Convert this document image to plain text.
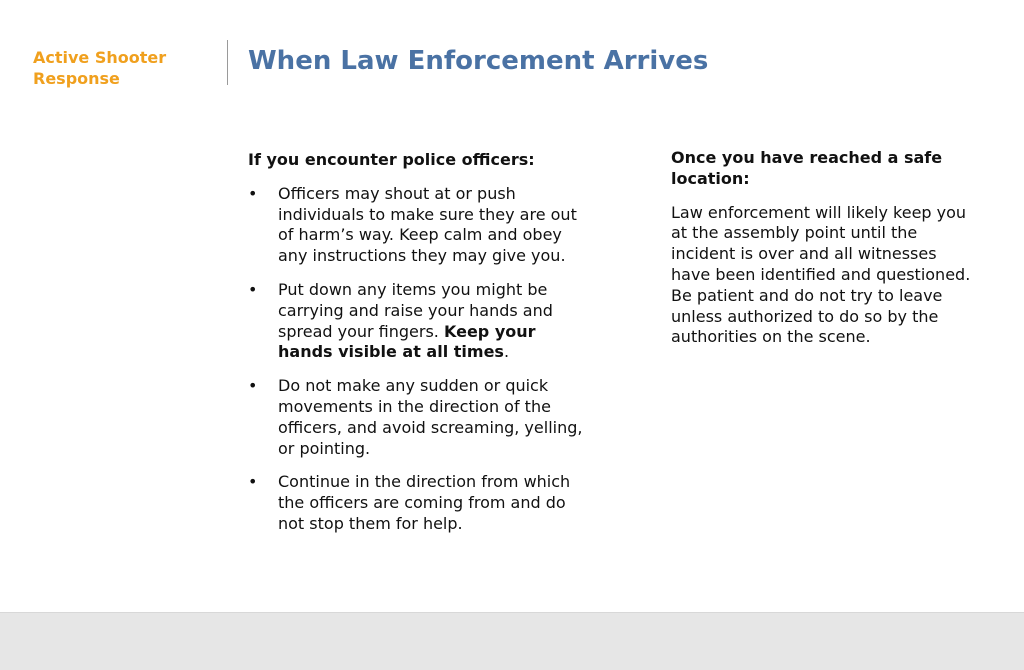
Active Shooter Response
When Law Enforcement Arrives

If you encounter police officers:

• Officers may shout at or push individuals to make sure they are out of harm’s way. Keep calm and obey any instructions they may give you.
• Put down any items you might be carrying and raise your hands and spread your fingers. Keep your hands visible at all times.
• Do not make any sudden or quick movements in the direction of the officers, and avoid screaming, yelling, or pointing.
• Continue in the direction from which the officers are coming from and do not stop them for help.

Once you have reached a safe location:

Law enforcement will likely keep you at the assembly point until the incident is over and all witnesses have been identified and questioned. Be patient and do not try to leave unless authorized to do so by the authorities on the scene.
